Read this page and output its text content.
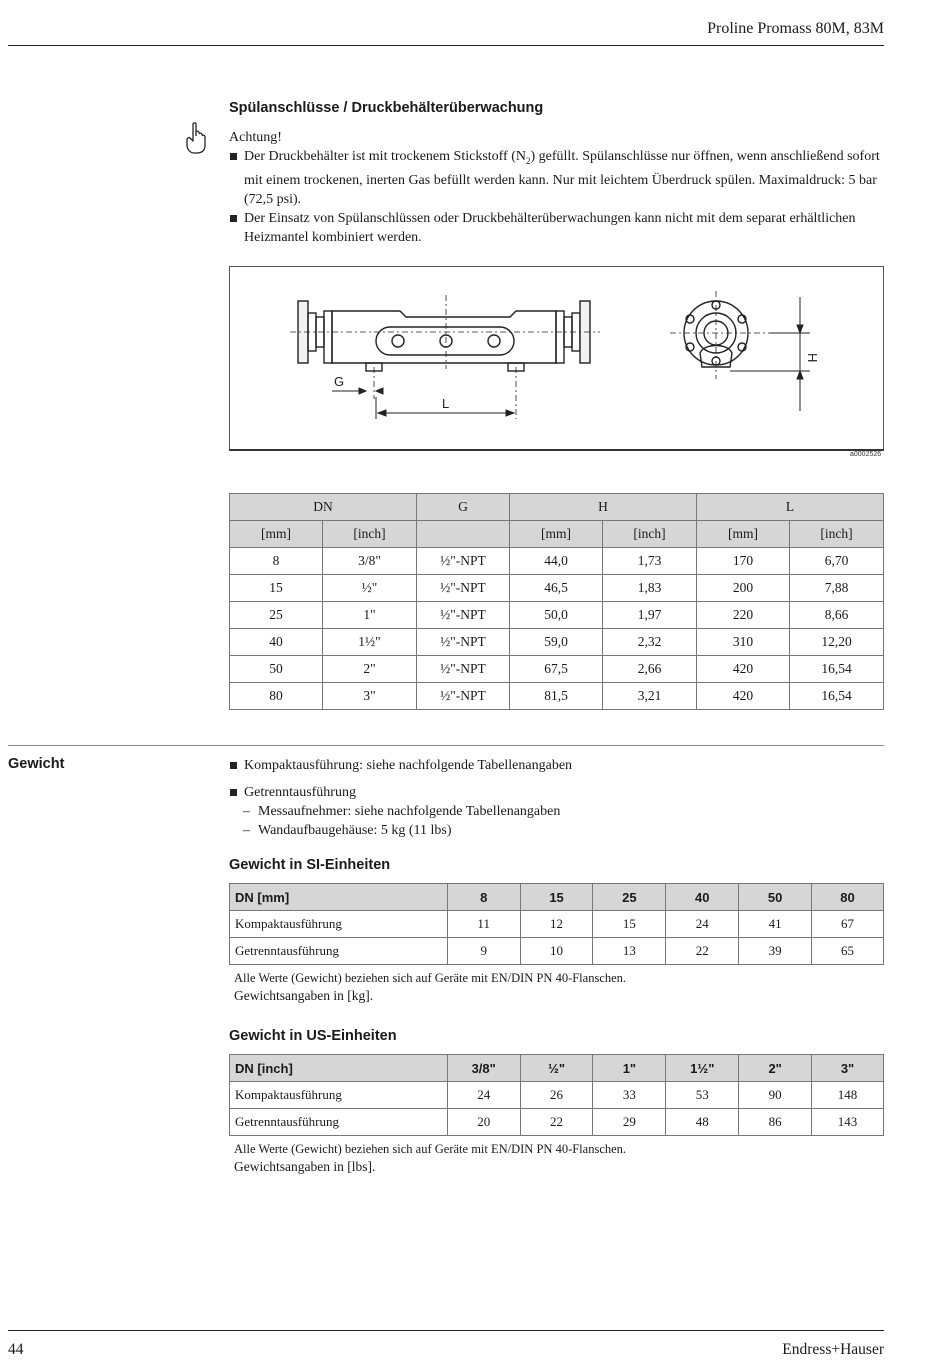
Proline Promass 80M, 83M
Spülanschlüsse / Druckbehälterüberwachung
Achtung!
Der Druckbehälter ist mit trockenem Stickstoff $(N_2)$ gefüllt. Spülanschlüsse nur öffnen, wenn anschließend sofort mit einem trockenen, inerten Gas befüllt werden kann. Nur mit leichtem Überdruck spülen. Maximaldruck: 5 bar (72,5 psi).
Der Einsatz von Spülanschlüssen oder Druckbehälterüberwachungen kann nicht mit dem separat erhältlichen Heizmantel kombiniert werden.
G
L
H
a0002526
DN		G	H		L	
[mm]	[inch]		[mm]	[inch]	[mm]	[inch]
8	3/8"	½"-NPT	44,0	1,73	170	6,70
15	½"	½"-NPT	46,5	1,83	200	7,88
25	1"	½"-NPT	50,0	1,97	220	8,66
40	1½"	½"-NPT	59,0	2,32	310	12,20
50	2"	½"-NPT	67,5	2,66	420	16,54
80	3"	½"-NPT	81,5	3,21	420	16,54
Gewicht	Kompaktausführung: siehe nachfolgende Tabellenangaben
Getrenntausführung
– Messaufnehmer: siehe nachfolgende Tabellenangaben
– Wandaufbaugehäuse: 5 kg (11 lbs)
Gewicht in SI-Einheiten
DN [mm]	8	15	25	40	50	80
Kompaktausführung	11	12	15	24	41	67
Getrenntausführung	9	10	13	22	39	65
Alle Werte (Gewicht) beziehen sich auf Geräte mit EN/DIN PN 40-Flanschen.
Gewichtsangaben in [kg].
Gewicht in US-Einheiten
DN [inch]	3/8"	½"	1"	1½"	2"	3"
Kompaktausführung	24	26	33	53	90	148
Getrenntausführung	20	22	29	48	86	143
Alle Werte (Gewicht) beziehen sich auf Geräte mit EN/DIN PN 40-Flanschen.
Gewichtsangaben in [lbs].
44	Endress+Hauser
